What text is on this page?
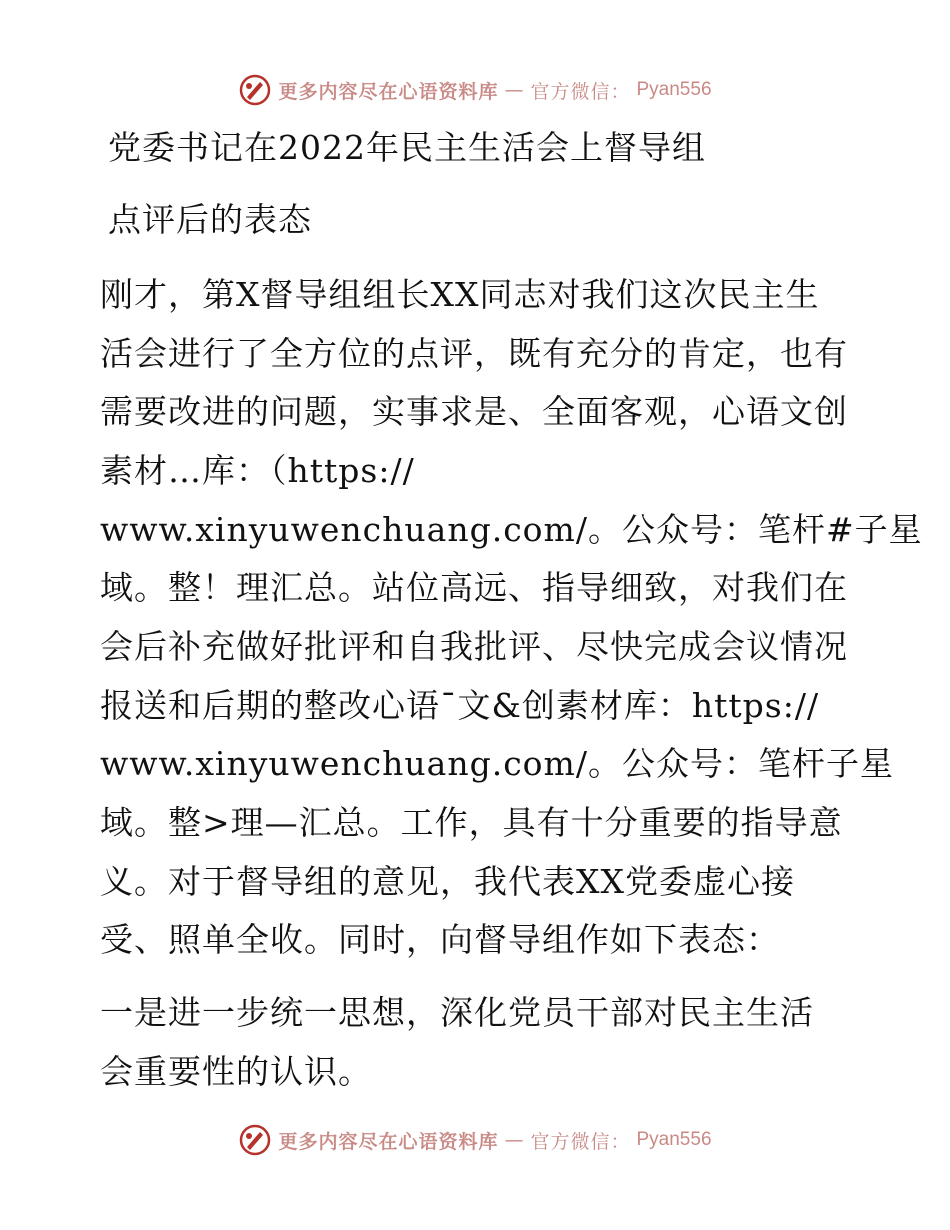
更多内容尽在心语资料库 — 官方微信： Pyan556
党委书记在2022年民主生活会上督导组
点评后的表态
刚才，第X督导组组长XX同志对我们这次民主生
活会进行了全方位的点评，既有充分的肯定，也有
需要改进的问题，实事求是、全面客观，心语文创
素材…库：（https://
www.xinyuwenchuang.com/。公众号：笔杆#子星
域。整！理汇总。站位高远、指导细致，对我们在
会后补充做好批评和自我批评、尽快完成会议情况
报送和后期的整改心语¯文&创素材库：https://
www.xinyuwenchuang.com/。公众号：笔杆子星
域。整>理—汇总。工作，具有十分重要的指导意
义。对于督导组的意见，我代表XX党委虚心接
受、照单全收。同时，向督导组作如下表态：
一是进一步统一思想，深化党员干部对民主生活
会重要性的认识。
更多内容尽在心语资料库 — 官方微信： Pyan556
